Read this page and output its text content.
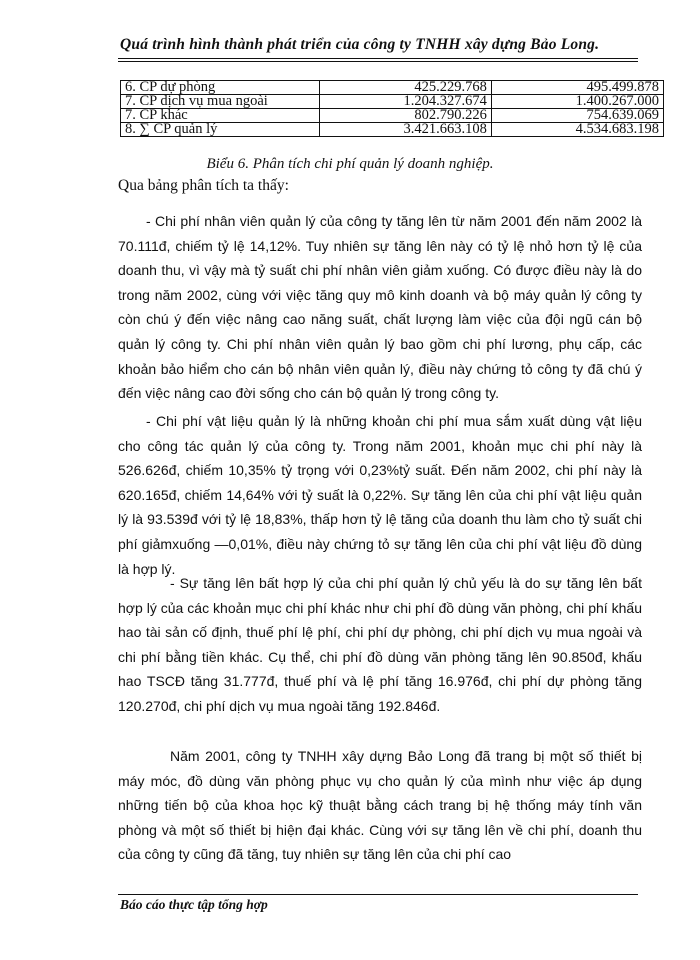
Quá trình hình thành phát triển của công ty TNHH xây dựng Bảo Long.
6. CP dự phòng	425.229.768	495.499.878
7. CP dịch vụ mua ngoài	1.204.327.674	1.400.267.000
7. CP khác	802.790.226	754.639.069
8. ∑ CP quản lý	3.421.663.108	4.534.683.198
Biểu 6. Phân tích chi phí quản lý doanh nghiệp.
Qua bảng phân tích ta thấy:

- Chi phí nhân viên quản lý của công ty tăng lên từ năm 2001 đến năm 2002 là 70.111đ, chiếm tỷ lệ 14,12%. Tuy nhiên sự tăng lên này có tỷ lệ nhỏ hơn tỷ lệ của doanh thu, vì vậy mà tỷ suất chi phí nhân viên giảm xuống. Có được điều này là do trong năm 2002, cùng với việc tăng quy mô kinh doanh và bộ máy quản lý công ty còn chú ý đến việc nâng cao năng suất, chất lượng làm việc của đội ngũ cán bộ quản lý công ty. Chi phí nhân viên quản lý bao gồm chi phí lương, phụ cấp, các khoản bảo hiểm cho cán bộ nhân viên quản lý, điều này chứng tỏ công ty đã chú ý đến việc nâng cao đời sống cho cán bộ quản lý trong công ty.

- Chi phí vật liệu quản lý là những khoản chi phí mua sắm xuất dùng vật liệu cho công tác quản lý của công ty. Trong năm 2001, khoản mục chi phí này là 526.626đ, chiếm 10,35% tỷ trọng với 0,23%tỷ suất. Đến năm 2002, chi phí này là 620.165đ, chiếm 14,64% với tỷ suất là 0,22%. Sự tăng lên của chi phí vật liệu quản lý là 93.539đ với tỷ lệ 18,83%, thấp hơn tỷ lệ tăng của doanh thu làm cho tỷ suất chi phí giảmxuống —0,01%, điều này chứng tỏ sự tăng lên của chi phí vật liệu đồ dùng là hợp lý.

- Sự tăng lên bất hợp lý của chi phí quản lý chủ yếu là do sự tăng lên bất hợp lý của các khoản mục chi phí khác như chi phí đồ dùng văn phòng, chi phí khấu hao tài sản cố định, thuế phí lệ phí, chi phí dự phòng, chi phí dịch vụ mua ngoài và chi phí bằng tiền khác. Cụ thể, chi phí đồ dùng văn phòng tăng lên 90.850đ, khấu hao TSCĐ tăng 31.777đ, thuế phí và lệ phí tăng 16.976đ, chi phí dự phòng tăng 120.270đ, chi phí dịch vụ mua ngoài tăng 192.846đ.

Năm 2001, công ty TNHH xây dựng Bảo Long đã trang bị một số thiết bị máy móc, đồ dùng văn phòng phục vụ cho quản lý của mình như việc áp dụng những tiến bộ của khoa học kỹ thuật bằng cách trang bị hệ thống máy tính văn phòng và một số thiết bị hiện đại khác. Cùng với sự tăng lên về chi phí, doanh thu của công ty cũng đã tăng, tuy nhiên sự tăng lên của chi phí cao

Báo cáo thực tập tổng hợp
